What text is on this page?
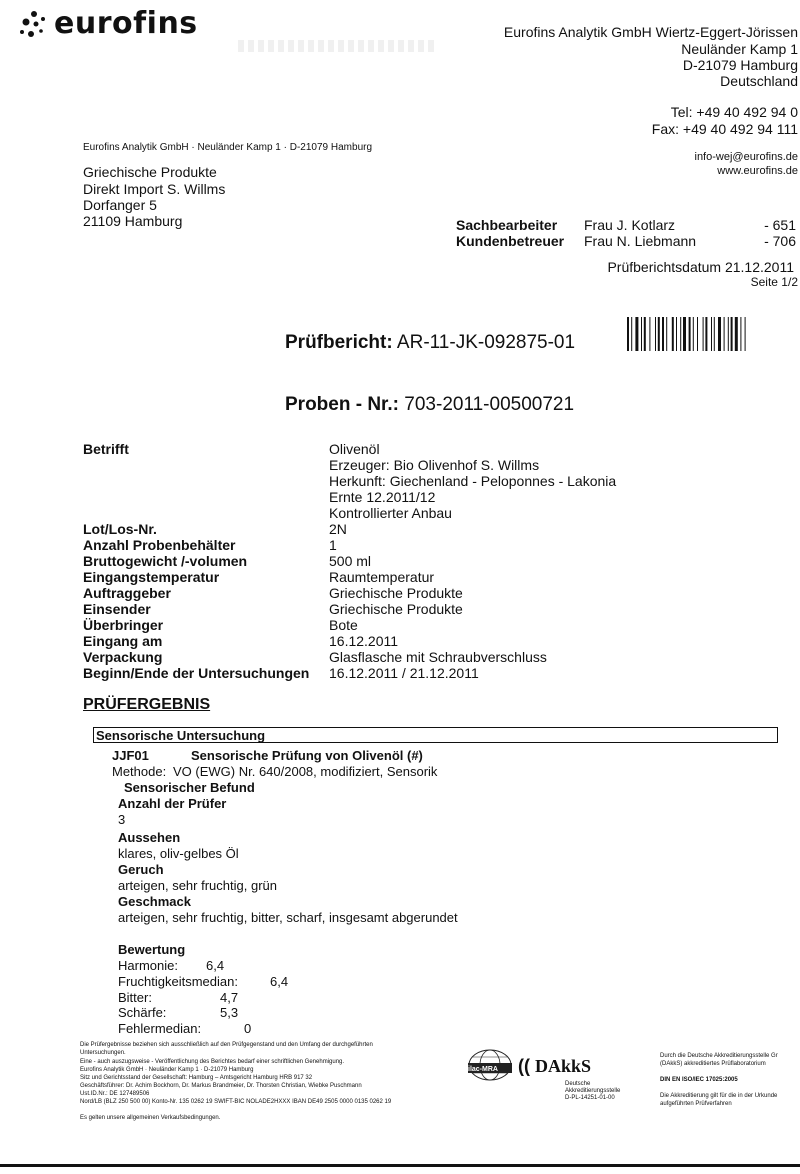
eurofins	Eurofins Analytik GmbH Wiertz-Eggert-Jörissen
Neuländer Kamp 1
D-21079 Hamburg
Deutschland
Tel: +49 40 492 94 0
Fax: +49 40 492 94 111
info-wej@eurofins.de
www.eurofins.de
Eurofins Analytik GmbH · Neuländer Kamp 1 · D-21079 Hamburg
Griechische Produkte
Direkt Import S. Willms
Dorfanger 5
21109 Hamburg	Sachbearbeiter Frau J. Kotlarz	- 651
Kundenbetreuer Frau N. Liebmann	- 706
Prüfberichtsdatum 21.12.2011
Seite 1/2
Prüfbericht: AR-11-JK-092875-01
Proben - Nr.: 703-2011-00500721
Betrifft	Olivenöl
Erzeuger: Bio Olivenhof S. Willms
Herkunft: Giechenland - Peloponnes - Lakonia
Ernte 12.2011/12
Kontrollierter Anbau
Lot/Los-Nr.	2N
Anzahl Probenbehälter	1
Bruttogewicht /-volumen	500 ml
Eingangstemperatur	Raumtemperatur
Auftraggeber	Griechische Produkte
Einsender	Griechische Produkte
Überbringer	Bote
Eingang am	16.12.2011
Verpackung	Glasflasche mit Schraubverschluss
Beginn/Ende der Untersuchungen 16.12.2011 / 21.12.2011
PRÜFERGEBNIS
Sensorische Untersuchung
JJF01	Sensorische Prüfung von Olivenöl (#)
Methode: VO (EWG) Nr. 640/2008, modifiziert, Sensorik
Sensorischer Befund
Anzahl der Prüfer
3
Aussehen
klares, oliv-gelbes Öl
Geruch
arteigen, sehr fruchtig, grün
Geschmack
arteigen, sehr fruchtig, bitter, scharf, insgesamt abgerundet
Bewertung
Harmonie: 6,4
Fruchtigkeitsmedian: 6,4
Bitter:	4,7
Schärfe:	5,3
Fehlermedian:	0
Die Prüfergebnisse beziehen sich ausschließlich auf den Prüfgegenstand und den Umfang der durchgeführten
Untersuchungen.
Eine - auch auszugsweise - Veröffentlichung des Berichtes bedarf einer schriftlichen Genehmigung.
Eurofins Analytik GmbH · Neuländer Kamp 1 · D-21079 Hamburg
Sitz und Gerichtsstand der Gesellschaft: Hamburg – Amtsgericht Hamburg HRB 917 32
Geschäftsführer: Dr. Achim Bockhorn, Dr. Markus Brandmeier, Dr. Thorsten Christian, Wiebke Puschmann
Ust.ID.Nr.: DE 127489506
Nord/LB (BLZ 250 500 00) Konto-Nr. 135 0262 19 SWIFT-BIC NOLADE2HXXX IBAN DE49 2505 0000 0135 0262 19
Es gelten unsere allgemeinen Verkaufsbedingungen.
ilac-MRA (( DAkkS
Deutsche
Akkreditierungsstelle
D-PL-14251-01-00
Durch die Deutsche Akkreditierungsstelle Gr
(DAkkS) akkreditiertes Prüflaboratorium
DIN EN ISO/IEC 17025:2005
Die Akkreditierung gilt für die in der Urkunde
aufgeführten Prüfverfahren
